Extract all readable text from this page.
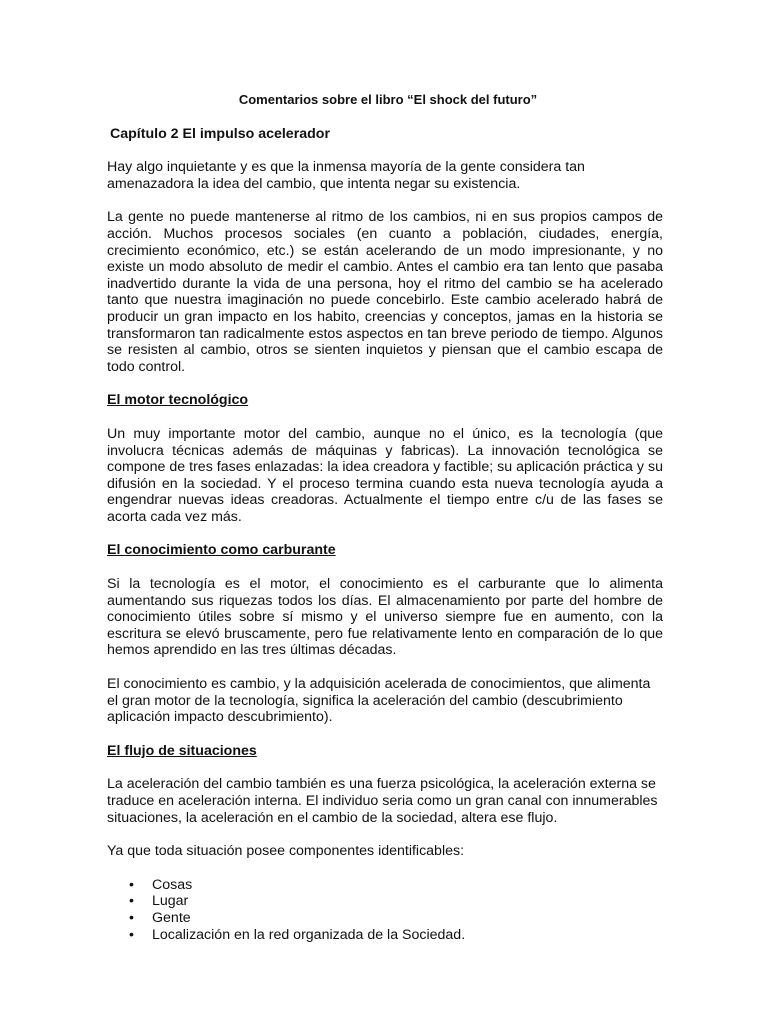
Comentarios sobre el libro “El shock del futuro”
Capítulo 2 El impulso acelerador

Hay algo inquietante y es que la inmensa mayoría de la gente considera tan amenazadora la idea del cambio, que intenta negar su existencia.

La gente no puede mantenerse al ritmo de los cambios, ni en sus propios campos de acción. Muchos procesos sociales (en cuanto a población, ciudades, energía, crecimiento económico, etc.) se están acelerando de un modo impresionante, y no existe un modo absoluto de medir el cambio. Antes el cambio era tan lento que pasaba inadvertido durante la vida de una persona, hoy el ritmo del cambio se ha acelerado tanto que nuestra imaginación no puede concebirlo. Este cambio acelerado habrá de producir un gran impacto en los habito, creencias y conceptos, jamas en la historia se transformaron tan radicalmente estos aspectos en tan breve periodo de tiempo. Algunos se resisten al cambio, otros se sienten inquietos y piensan que el cambio escapa de todo control.

El motor tecnológico

Un muy importante motor del cambio, aunque no el único, es la tecnología (que involucra técnicas además de máquinas y fabricas). La innovación tecnológica se compone de tres fases enlazadas: la idea creadora y factible; su aplicación práctica y su difusión en la sociedad. Y el proceso termina cuando esta nueva tecnología ayuda a engendrar nuevas ideas creadoras. Actualmente el tiempo entre c/u de las fases se acorta cada vez más.

El conocimiento como carburante

Si la tecnología es el motor, el conocimiento es el carburante que lo alimenta aumentando sus riquezas todos los días. El almacenamiento por parte del hombre de conocimiento útiles sobre sí mismo y el universo siempre fue en aumento, con la escritura se elevó bruscamente, pero fue relativamente lento en comparación de lo que hemos aprendido en las tres últimas décadas.

El conocimiento es cambio, y la adquisición acelerada de conocimientos, que alimenta el gran motor de la tecnología, significa la aceleración del cambio (descubrimiento aplicación impacto descubrimiento).

El flujo de situaciones

La aceleración del cambio también es una fuerza psicológica, la aceleración externa se traduce en aceleración interna. El individuo seria como un gran canal con innumerables situaciones, la aceleración en el cambio de la sociedad, altera ese flujo.

Ya que toda situación posee componentes identificables:

• Cosas
• Lugar
• Gente
• Localización en la red organizada de la Sociedad.
